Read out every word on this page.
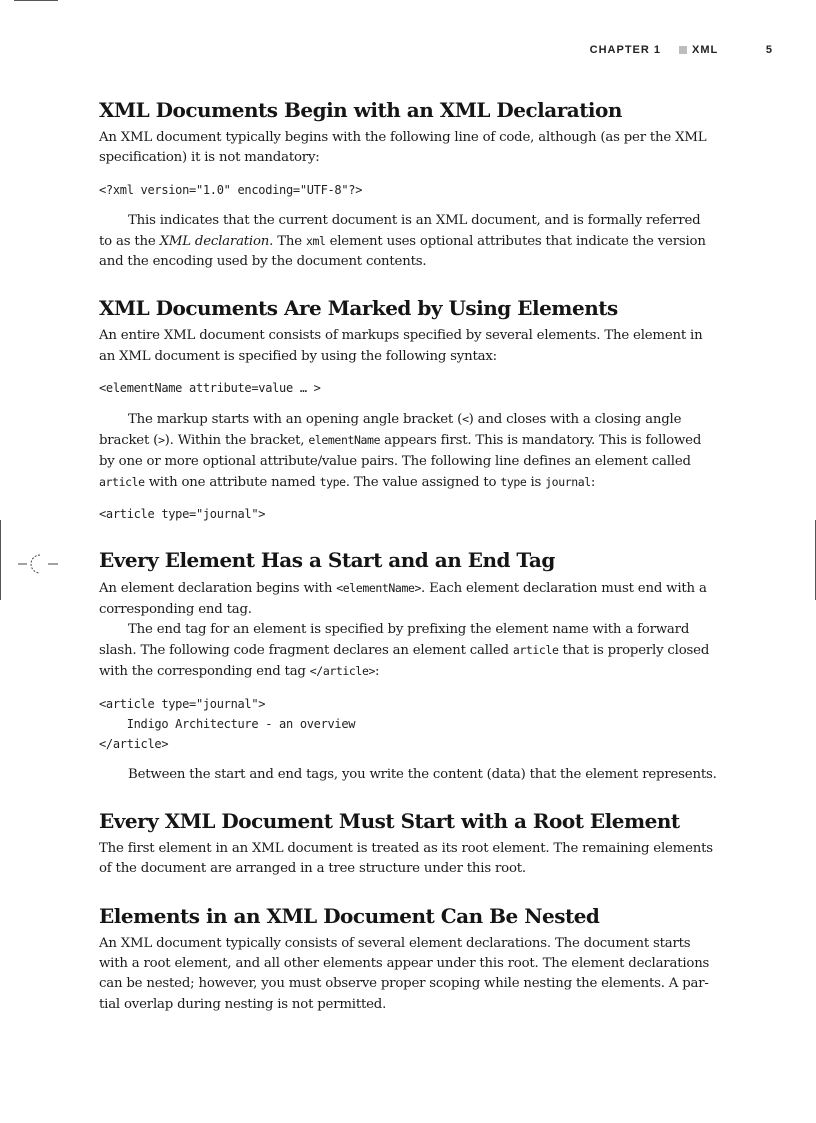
CHAPTER 1	XML	5
XML Documents Begin with an XML Declaration

An XML document typically begins with the following line of code, although (as per the XML specification) it is not mandatory:

<?xml version="1.0" encoding="UTF-8"?>

This indicates that the current document is an XML document, and is formally referred to as the XML declaration. The xml element uses optional attributes that indicate the version and the encoding used by the document contents.

XML Documents Are Marked by Using Elements

An entire XML document consists of markups specified by several elements. The element in an XML document is specified by using the following syntax:

<elementName attribute=value … >

The markup starts with an opening angle bracket (<) and closes with a closing angle bracket (>). Within the bracket, elementName appears first. This is mandatory. This is followed by one or more optional attribute/value pairs. The following line defines an element called article with one attribute named type. The value assigned to type is journal:

<article type="journal">
Every Element Has a Start and an End Tag

An element declaration begins with <elementName>. Each element declaration must end with a corresponding end tag.

The end tag for an element is specified by prefixing the element name with a forward slash. The following code fragment declares an element called article that is properly closed with the corresponding end tag </article>:

<article type="journal">
Indigo Architecture - an overview
</article>

Between the start and end tags, you write the content (data) that the element represents.

Every XML Document Must Start with a Root Element

The first element in an XML document is treated as its root element. The remaining elements of the document are arranged in a tree structure under this root.

Elements in an XML Document Can Be Nested

An XML document typically consists of several element declarations. The document starts with a root element, and all other elements appear under this root. The element declarations can be nested; however, you must observe proper scoping while nesting the elements. A par- tial overlap during nesting is not permitted.
